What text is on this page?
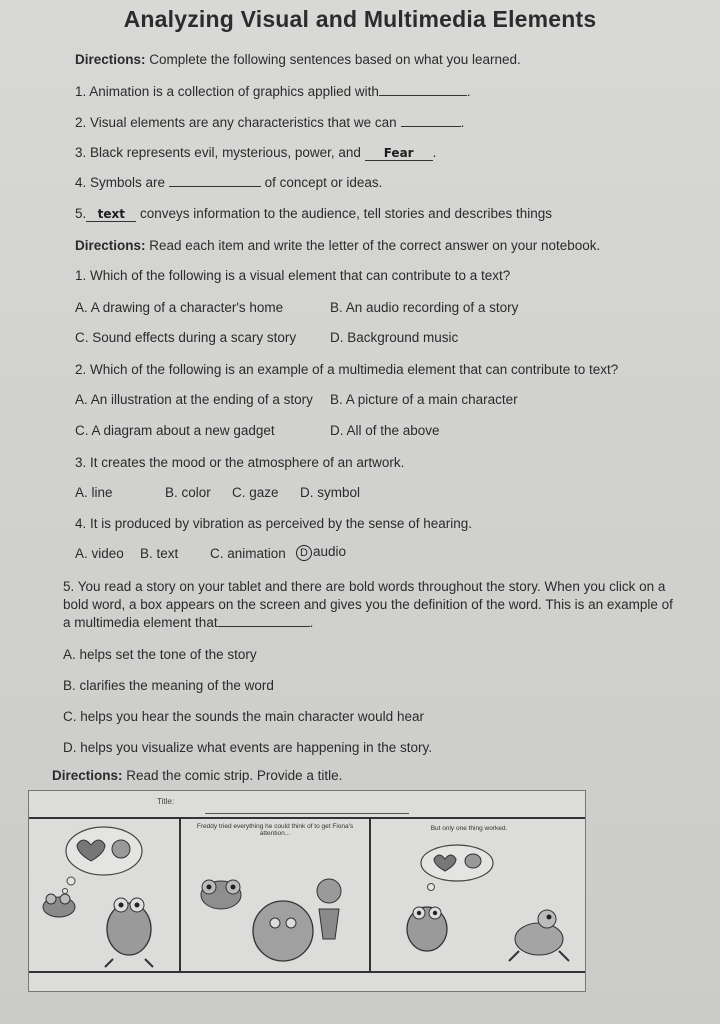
Analyzing Visual and Multimedia Elements
Directions: Complete the following sentences based on what you learned.
1. Animation is a collection of graphics applied with	.
2. Visual elements are any characteristics that we can	.
3. Black represents evil, mysterious, power, and Fear .
4. Symbols are	of concept or ideas.
5. text conveys information to the audience, tell stories and describes things
Directions: Read each item and write the letter of the correct answer on your notebook.
1. Which of the following is a visual element that can contribute to a text?
A. A drawing of a character's home	B. An audio recording of a story
C. Sound effects during a scary story	D. Background music
2. Which of the following is an example of a multimedia element that can contribute to text?
A. An illustration at the ending of a story B. A picture of a main character
C. A diagram about a new gadget	D. All of the above
3. It creates the mood or the atmosphere of an artwork.
A. line	B. color C. gaze D. symbol
4. It is produced by vibration as perceived by the sense of hearing.
A. video B. text C. animation	D audio
5. You read a story on your tablet and there are bold words throughout the story. When you click on a
bold word, a box appears on the screen and gives you the definition of the word. This is an example of
a multimedia element that	.
A. helps set the tone of the story
B. clarifies the meaning of the word
C. helps you hear the sounds the main character would hear
D. helps you visualize what events are happening in the story.
Directions: Read the comic strip. Provide a title.
Title:
Freddy tried everything he could think of to get Fiona's attention...
But only one thing worked.
